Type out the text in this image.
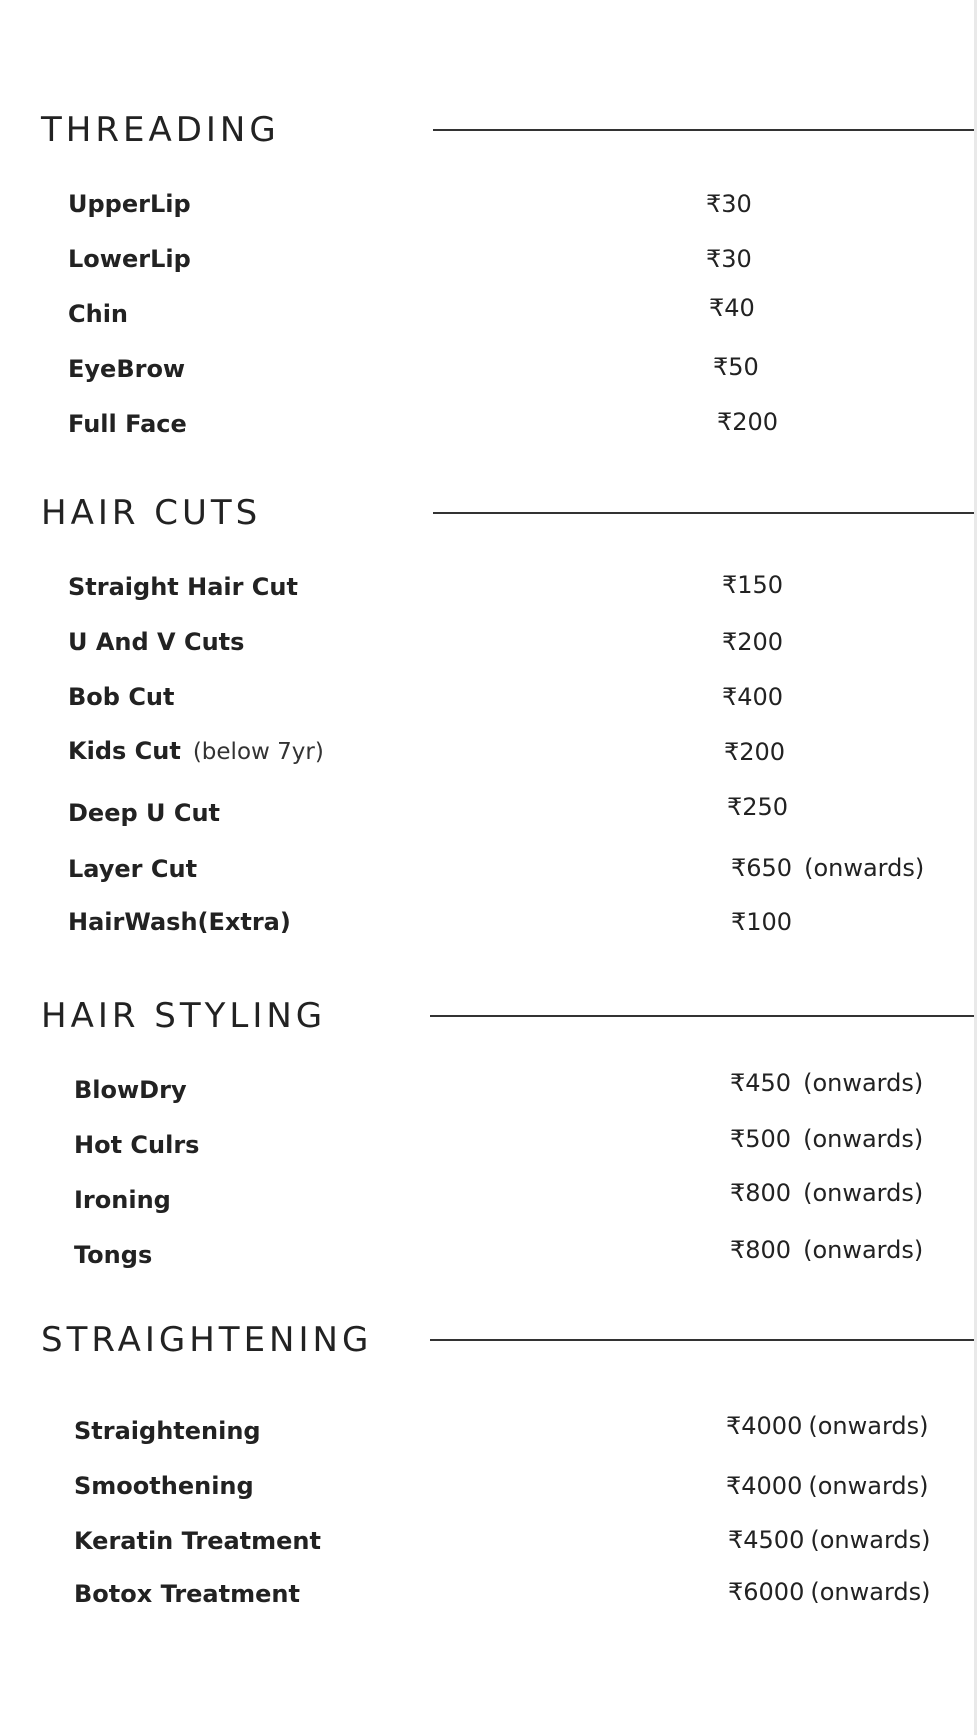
THREADING
UpperLip	₹30
LowerLip	₹30
Chin	₹40
EyeBrow	₹50
Full Face	₹200
HAIR CUTS
Straight Hair Cut	₹150
U And V Cuts	₹200
Bob Cut	₹400
Kids Cut (below 7yr)	₹200
Deep U Cut	₹250
Layer Cut	₹650 (onwards)
HairWash(Extra)	₹100
HAIR STYLING
BlowDry	₹450 (onwards)
Hot Culrs	₹500 (onwards)
Ironing	₹800 (onwards)
Tongs	₹800 (onwards)
STRAIGHTENING
Straightening	₹4000 (onwards)
Smoothening	₹4000 (onwards)
Keratin Treatment	₹4500 (onwards)
Botox Treatment	₹6000 (onwards)
